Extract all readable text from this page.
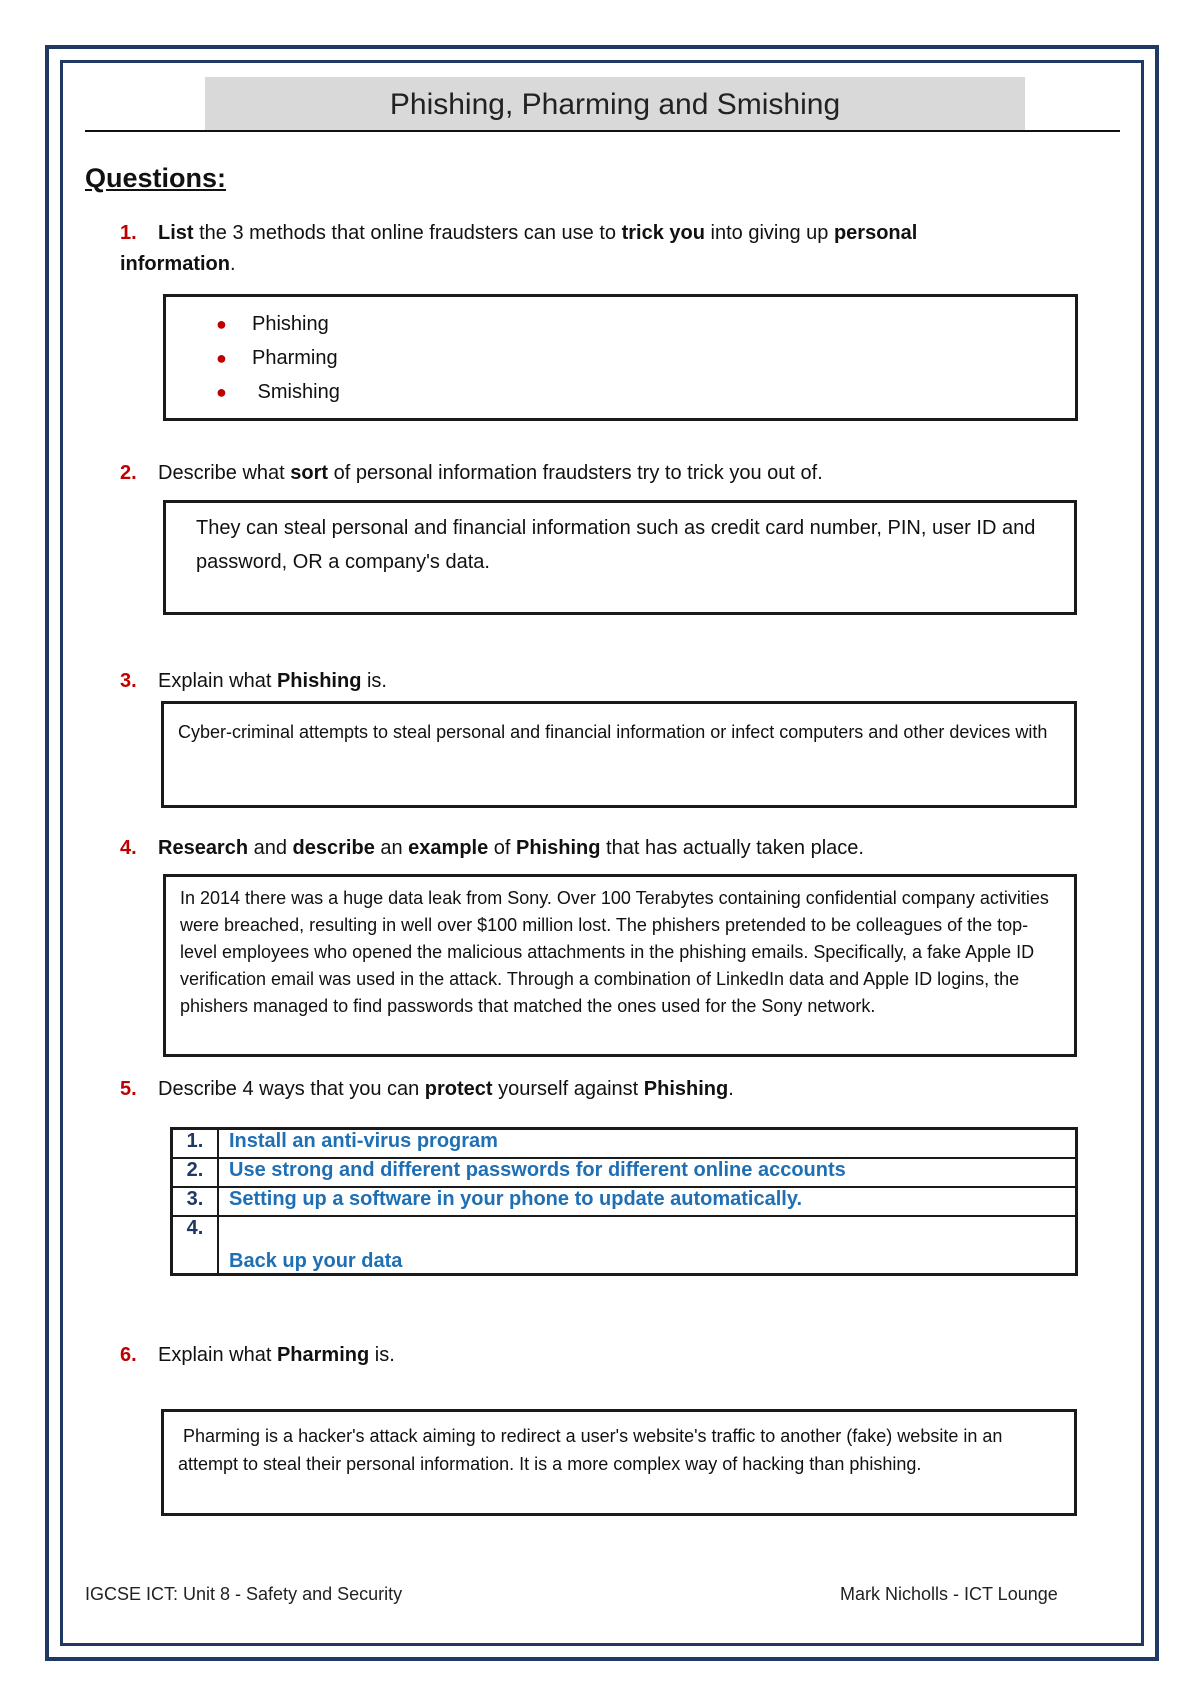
Phishing, Pharming and Smishing
Questions:
1. List the 3 methods that online fraudsters can use to trick you into giving up personal information.
● Phishing
● Pharming
● Smishing
2. Describe what sort of personal information fraudsters try to trick you out of.
They can steal personal and financial information such as credit card number, PIN, user ID and password, OR a company's data.
3. Explain what Phishing is.
Cyber-criminal attempts to steal personal and financial information or infect computers and other devices with
4. Research and describe an example of Phishing that has actually taken place.
In 2014 there was a huge data leak from Sony. Over 100 Terabytes containing confidential company activities were breached, resulting in well over $100 million lost. The phishers pretended to be colleagues of the top-level employees who opened the malicious attachments in the phishing emails. Specifically, a fake Apple ID verification email was used in the attack. Through a combination of LinkedIn data and Apple ID logins, the phishers managed to find passwords that matched the ones used for the Sony network.
5. Describe 4 ways that you can protect yourself against Phishing.
1.	Install an anti-virus program
2.	Use strong and different passwords for different online accounts
3.	Setting up a software in your phone to update automatically.
4.	Back up your data
6. Explain what Pharming is.
Pharming is a hacker's attack aiming to redirect a user's website's traffic to another (fake) website in an attempt to steal their personal information. It is a more complex way of hacking than phishing.
IGCSE ICT: Unit 8 - Safety and Security	Mark Nicholls - ICT Lounge
